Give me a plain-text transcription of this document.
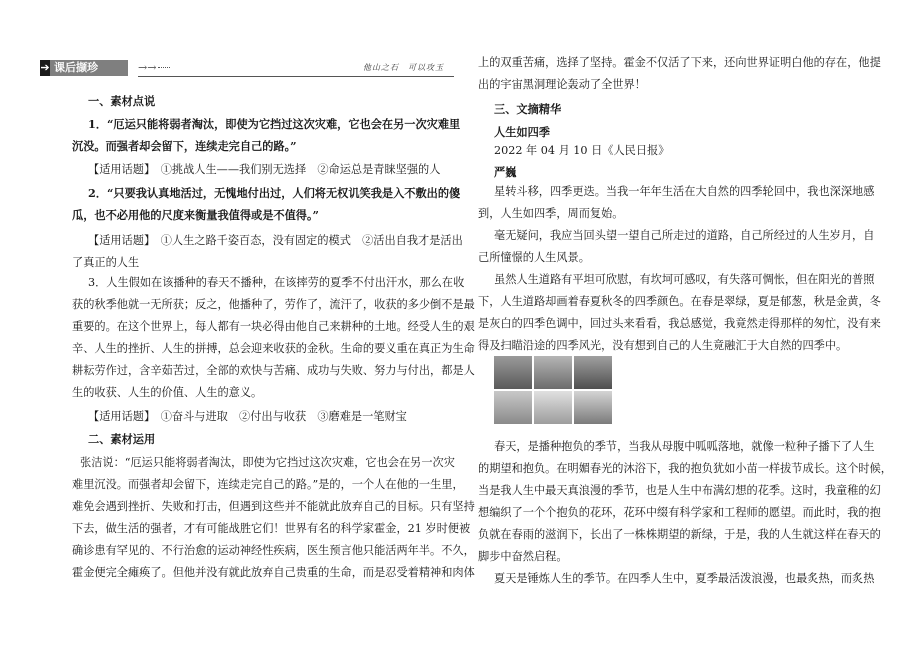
➔ 课后撷珍	→→	他山之石　可以攻玉
一、素材点说
1．“厄运只能将弱者淘汰，即使为它挡过这次灾难，它也会在另一次灾难里
沉没。而强者却会留下，连续走完自己的路。”
【适用话题】　①挑战人生——我们别无选择　②命运总是青睐坚强的人
2．“只要我认真地活过，无愧地付出过，人们将无权讥笑我是入不敷出的傻
瓜，也不必用他的尺度来衡量我值得或是不值得。”
【适用话题】　①人生之路千姿百态，没有固定的模式　②活出自我才是活出
了真正的人生
3．人生假如在该播种的春天不播种，在该摔劳的夏季不付出汗水，那么在收
获的秋季他就一无所获；反之，他播种了，劳作了，流汗了，收获的多少倒不是最
重要的。在这个世界上，每人都有一块必得由他自己来耕种的土地。经受人生的艰
辛、人生的挫折、人生的拼搏，总会迎来收获的金秋。生命的要义重在真正为生命
耕耘劳作过，含辛茹苦过，全部的欢快与苦痛、成功与失败、努力与付出，都是人
生的收获、人生的价值、人生的意义。
【适用话题】　①奋斗与进取　②付出与收获　③磨难是一笔财宝
二、素材运用
张洁说：“厄运只能将弱者淘汰，即使为它挡过这次灾难，它也会在另一次灾
难里沉没。而强者却会留下，连续走完自己的路。”是的，一个人在他的一生里，
难免会遇到挫折、失败和打击，但遇到这些并不能就此放弃自己的目标。只有坚持
下去，做生活的强者，才有可能战胜它们！世界有名的科学家霍金，21 岁时便被
确诊患有罕见的、不行治愈的运动神经性疾病，医生预言他只能活两年半。不久，
霍金便完全瘫痪了。但他并没有就此放弃自己贵重的生命，而是忍受着精神和肉体
上的双重苦痛，选择了坚持。霍金不仅活了下来，还向世界证明白他的存在，他提
出的宇宙黑洞理论轰动了全世界！
三、文摘精华
人生如四季
2022 年 04 月 10 日《人民日报》
严巍
星转斗移，四季更迭。当我一年年生活在大自然的四季轮回中，我也深深地感
到，人生如四季，周而复始。
毫无疑问，我应当回头望一望自己所走过的道路，自己所经过的人生岁月，自
己所憧憬的人生风景。
虽然人生道路有平坦可欣慰，有坎坷可感叹，有失落可惆怅，但在阳光的普照
下，人生道路却画着春夏秋冬的四季颜色。在春是翠绿，夏是郁葱，秋是金黄，冬
是灰白的四季色调中，回过头来看看，我总感觉，我竟然走得那样的匆忙，没有来
得及扫瞄沿途的四季风光，没有想到自己的人生竟融汇于大自然的四季中。
春天，是播种抱负的季节，当我从母腹中呱呱落地，就像一粒种子播下了人生
的期望和抱负。在明媚春光的沐浴下，我的抱负犹如小苗一样拔节成长。这个时候，
当是我人生中最天真浪漫的季节，也是人生中布满幻想的花季。这时，我童稚的幻
想编织了一个个抱负的花环，花环中缀有科学家和工程师的愿望。而此时，我的抱
负就在春雨的滋润下，长出了一株株期望的新绿，于是，我的人生就这样在春天的
脚步中奋然启程。
夏天是锤炼人生的季节。在四季人生中，夏季最活泼浪漫，也最炙热，而炙热
